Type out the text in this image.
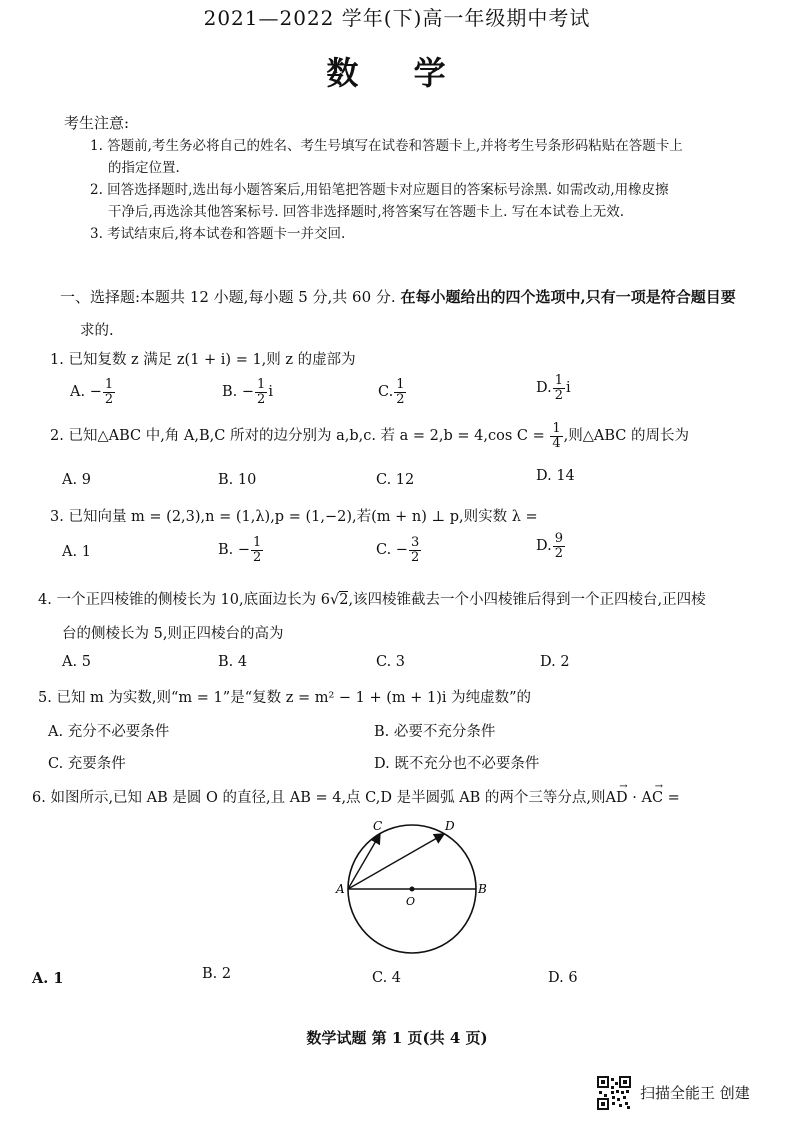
2021—2022 学年(下)高一年级期中考试
数 学
考生注意:
1. 答题前,考生务必将自己的姓名、考生号填写在试卷和答题卡上,并将考生号条形码粘贴在答题卡上
的指定位置.
2. 回答选择题时,选出每小题答案后,用铅笔把答题卡对应题目的答案标号涂黑. 如需改动,用橡皮擦
干净后,再选涂其他答案标号. 回答非选择题时,将答案写在答题卡上. 写在本试卷上无效.
3. 考试结束后,将本试卷和答题卡一并交回.
一、选择题:本题共 12 小题,每小题 5 分,共 60 分. 在每小题给出的四个选项中,只有一项是符合题目要
求的.
1. 已知复数 z 满足 z(1 + i) = 1,则 z 的虚部为
A. − $\frac{1}{2}$	B. − $\frac{1}{2}$ i	C. $\frac{1}{2}$	D. $\frac{1}{2}$ i
2. 已知△ABC 中,角 A,B,C 所对的边分别为 a,b,c. 若 a = 2,b = 4,cos $C = \frac{1}{4}$ ,则△ABC 的周长为
A. 9	B. 10	C. 12	D. 14
3. 已知向量 m = (2,3),n = (1,λ),p = (1,−2),若(m + n) ⊥ p,则实数 λ =
A. 1	B. − $\frac{1}{2}$	C. − $\frac{3}{2}$	D. $\frac{9}{2}$
4. 一个正四棱锥的侧棱长为 10,底面边长为 6√2,该四棱锥截去一个小四棱锥后得到一个正四棱台,正四棱
台的侧棱长为 5,则正四棱台的高为
A. 5	B. 4	C. 3	D. 2
5. 已知 m 为实数,则“m = 1”是“复数 z = m² − 1 + (m + 1)i 为纯虚数”的
A. 充分不必要条件	B. 必要不充分条件
C. 充要条件	D. 既不充分也不必要条件
6. 如图所示,已知 AB 是圆 O 的直径,且 AB = 4,点 C,D 是半圆弧 AB 的两个三等分点,则AD
→
· AC
→
=
A	B
C	D
O
A. 1	B. 2	C. 4	D. 6
数学试题 第 1 页(共 4 页)
扫描全能王 创建
